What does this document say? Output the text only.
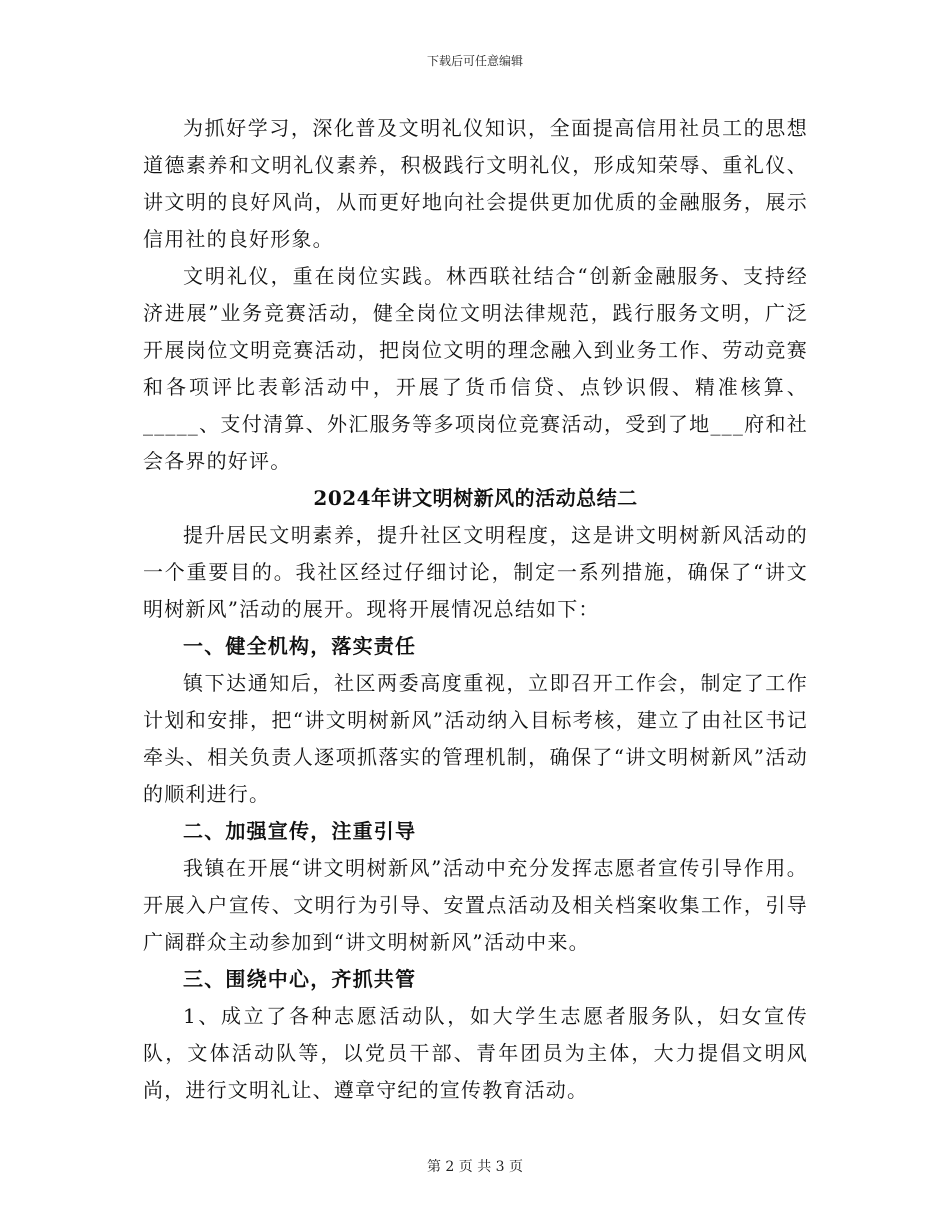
下载后可任意编辑

为抓好学习，深化普及文明礼仪知识，全面提高信用社员工的思想道德素养和文明礼仪素养，积极践行文明礼仪，形成知荣辱、重礼仪、讲文明的良好风尚，从而更好地向社会提供更加优质的金融服务，展示信用社的良好形象。

文明礼仪，重在岗位实践。林西联社结合“创新金融服务、支持经济进展”业务竞赛活动，健全岗位文明法律规范，践行服务文明，广泛开展岗位文明竞赛活动，把岗位文明的理念融入到业务工作、劳动竞赛和各项评比表彰活动中，开展了货币信贷、点钞识假、精准核算、_____、支付清算、外汇服务等多项岗位竞赛活动，受到了地___府和社会各界的好评。

2024年讲文明树新风的活动总结二

提升居民文明素养，提升社区文明程度，这是讲文明树新风活动的一个重要目的。我社区经过仔细讨论，制定一系列措施，确保了“讲文明树新风”活动的展开。现将开展情况总结如下：

一、健全机构，落实责任

镇下达通知后，社区两委高度重视，立即召开工作会，制定了工作计划和安排，把“讲文明树新风”活动纳入目标考核，建立了由社区书记牵头、相关负责人逐项抓落实的管理机制，确保了“讲文明树新风”活动的顺利进行。

二、加强宣传，注重引导

我镇在开展“讲文明树新风”活动中充分发挥志愿者宣传引导作用。开展入户宣传、文明行为引导、安置点活动及相关档案收集工作，引导广阔群众主动参加到“讲文明树新风”活动中来。

三、围绕中心，齐抓共管

1、成立了各种志愿活动队，如大学生志愿者服务队，妇女宣传队，文体活动队等，以党员干部、青年团员为主体，大力提倡文明风尚，进行文明礼让、遵章守纪的宣传教育活动。

第 2 页 共 3 页
